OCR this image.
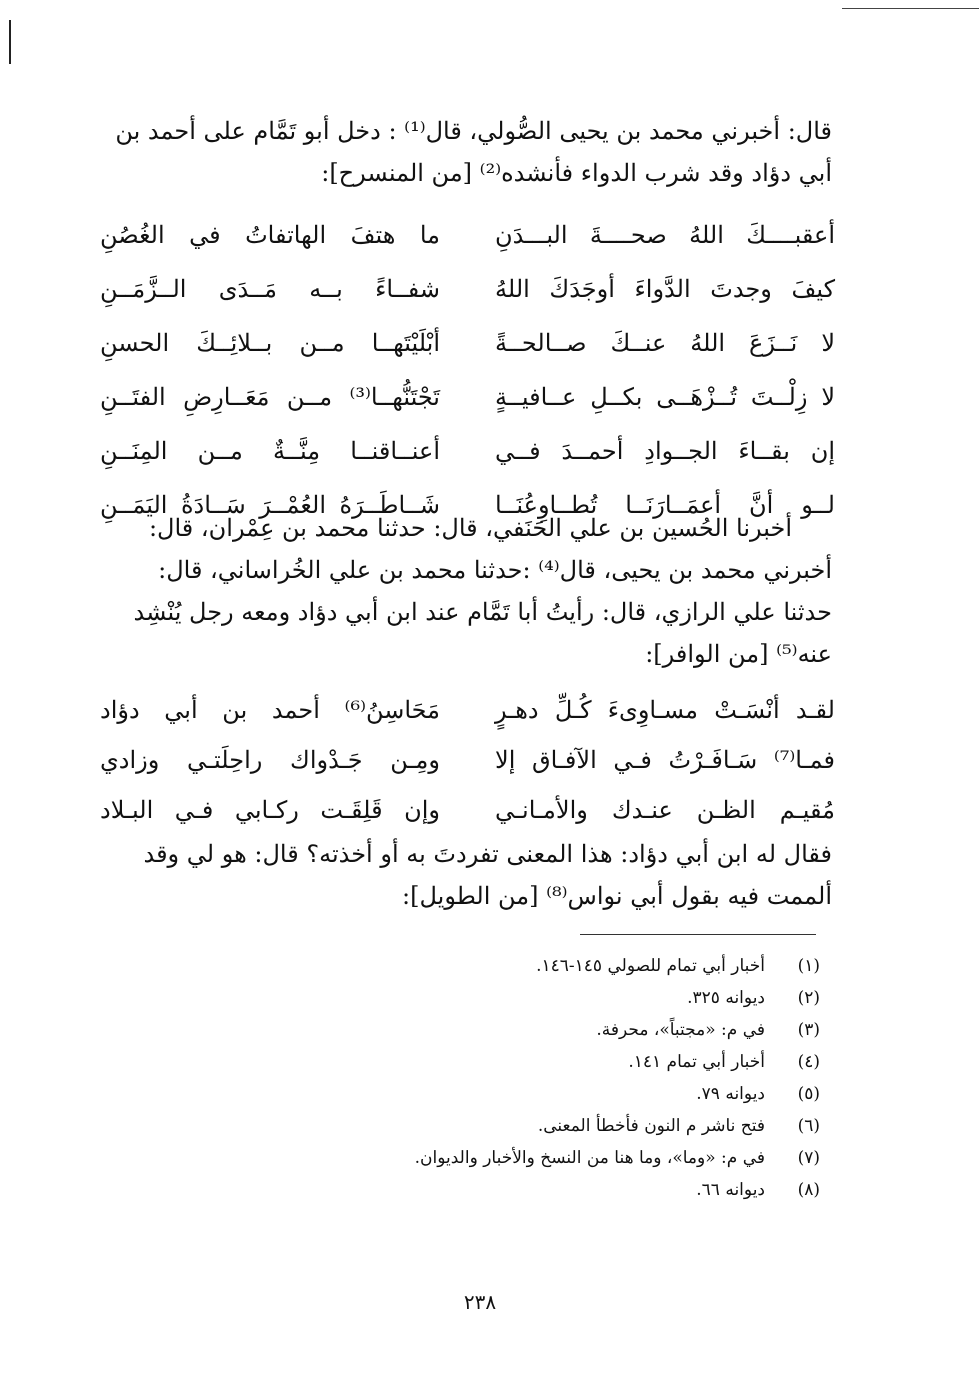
قال: أخبرني محمد بن يحيى الصُّولي، قال⁽¹⁾ : دخل أبو تَمَّام على أحمد بن
أبي دؤاد وقد شرب الدواء فأنشده⁽²⁾ [من المنسرح]:
أعقبــــكَ اللهُ صحــــةَ البـــدَنِ
ما هتفَ الهاتفاتُ في الغُصُنِ
كيفَ وجدتَ الدَّواءَ أوجَدَكَ اللهُ
شفــاءً بــه مَــدَى الــزَّمَــنِ
لا نَــزَعَ اللهُ عنــكَ صــالحــةً
أبْلَيْتَهــا مــن بــلائِــكَ الحسنِ
لا زِلْــتَ تُــزْهَــى بكــلِ عــافيــةٍ
تَجْتَنُّهــا⁽³⁾ مــن مَعَــارِضِ الفتَــنِ
إن بقــاءَ الجــوادِ أحمــدَ فــي
أعنــاقنــا مِنَّــةٌ مــن المِنَــنِ
لــو أنَّ أعمَــارَنَــا تُطــاوِعُنَــا
شَــاطَــرَهُ العُمْــرَ سَــادَةُ اليَمَــنِ
أخبرنا الحُسين بن علي الحَنَفي، قال: حدثنا محمد بن عِمْران، قال:
أخبرني محمد بن يحيى، قال⁽⁴⁾ :حدثنا محمد بن علي الخُراساني، قال:
حدثنا علي الرازي، قال: رأيتُ أبا تَمَّام عند ابن أبي دؤاد ومعه رجل يُنْشِد
عنه⁽⁵⁾ [من الوافر]:
لقـد أنْسَـتْ مسـاوِىءَ كُـلِّ دهـرٍ
مَحَاسِنُ⁽⁶⁾ أحمد بن أبي دؤاد
فمـا⁽⁷⁾ سَـافَـرْتُ فـي الآفـاق إلا
ومِـن جَـدْواك راحِلَتـي وزادي
مُقيـم الظـن عنـدك والأمـانـي
وإن قَلِقَـت ركـابي فـي البـلاد
فقال له ابن أبي دؤاد: هذا المعنى تفردتَ به أو أخذته؟ قال: هو لي وقد
ألممت فيه بقول أبي نواس⁽⁸⁾ [من الطويل]:
(١)
أخبار أبي تمام للصولي ١٤٥-١٤٦.
(٢)
ديوانه ٣٢٥.
(٣)
في م: «مجتباً»، محرفة.
(٤)
أخبار أبي تمام ١٤١.
(٥)
ديوانه ٧٩.
(٦)
فتح ناشر م النون فأخطأ المعنى.
(٧)
في م: «وما»، وما هنا من النسخ والأخبار والديوان.
(٨)
ديوانه ٦٦.
٢٣٨
